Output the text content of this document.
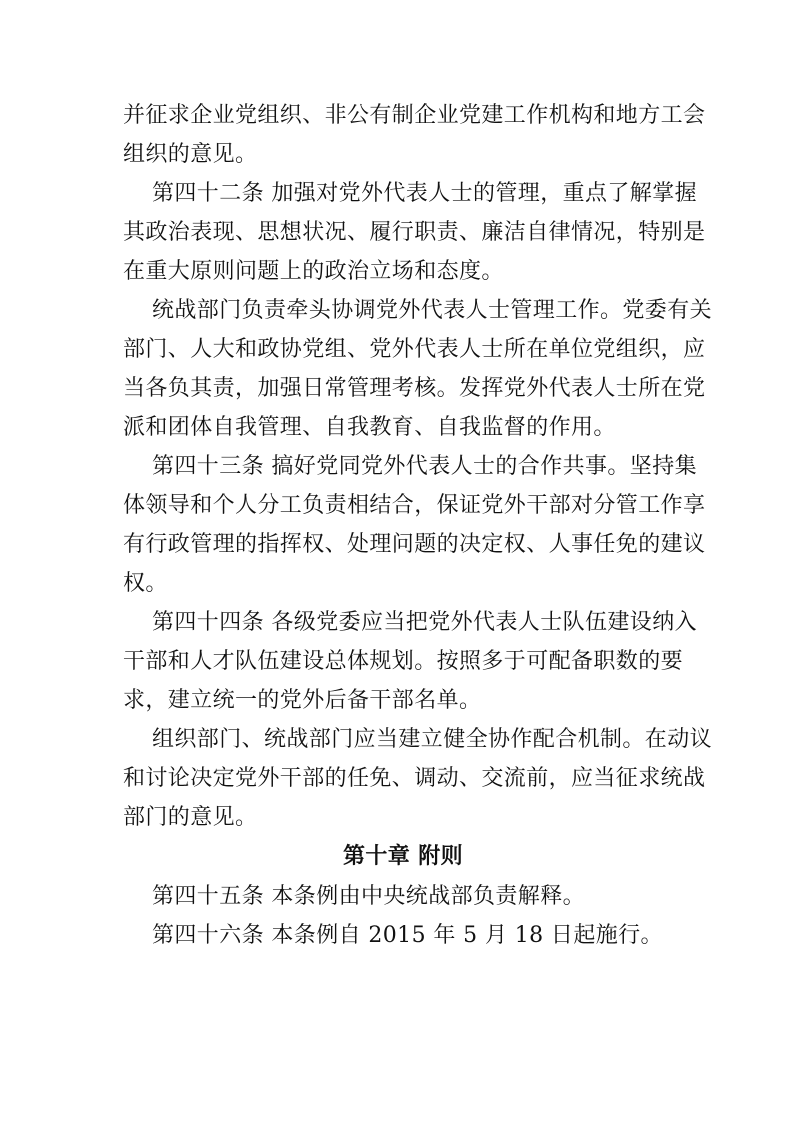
并征求企业党组织、非公有制企业党建工作机构和地方工会
组织的意见。
第四十二条 加强对党外代表人士的管理，重点了解掌握
其政治表现、思想状况、履行职责、廉洁自律情况，特别是
在重大原则问题上的政治立场和态度。
统战部门负责牵头协调党外代表人士管理工作。党委有关
部门、人大和政协党组、党外代表人士所在单位党组织，应
当各负其责，加强日常管理考核。发挥党外代表人士所在党
派和团体自我管理、自我教育、自我监督的作用。
第四十三条 搞好党同党外代表人士的合作共事。坚持集
体领导和个人分工负责相结合，保证党外干部对分管工作享
有行政管理的指挥权、处理问题的决定权、人事任免的建议
权。
第四十四条 各级党委应当把党外代表人士队伍建设纳入
干部和人才队伍建设总体规划。按照多于可配备职数的要
求，建立统一的党外后备干部名单。
组织部门、统战部门应当建立健全协作配合机制。在动议
和讨论决定党外干部的任免、调动、交流前，应当征求统战
部门的意见。
第十章 附则
第四十五条 本条例由中央统战部负责解释。
第四十六条 本条例自 2015 年 5 月 18 日起施行。
